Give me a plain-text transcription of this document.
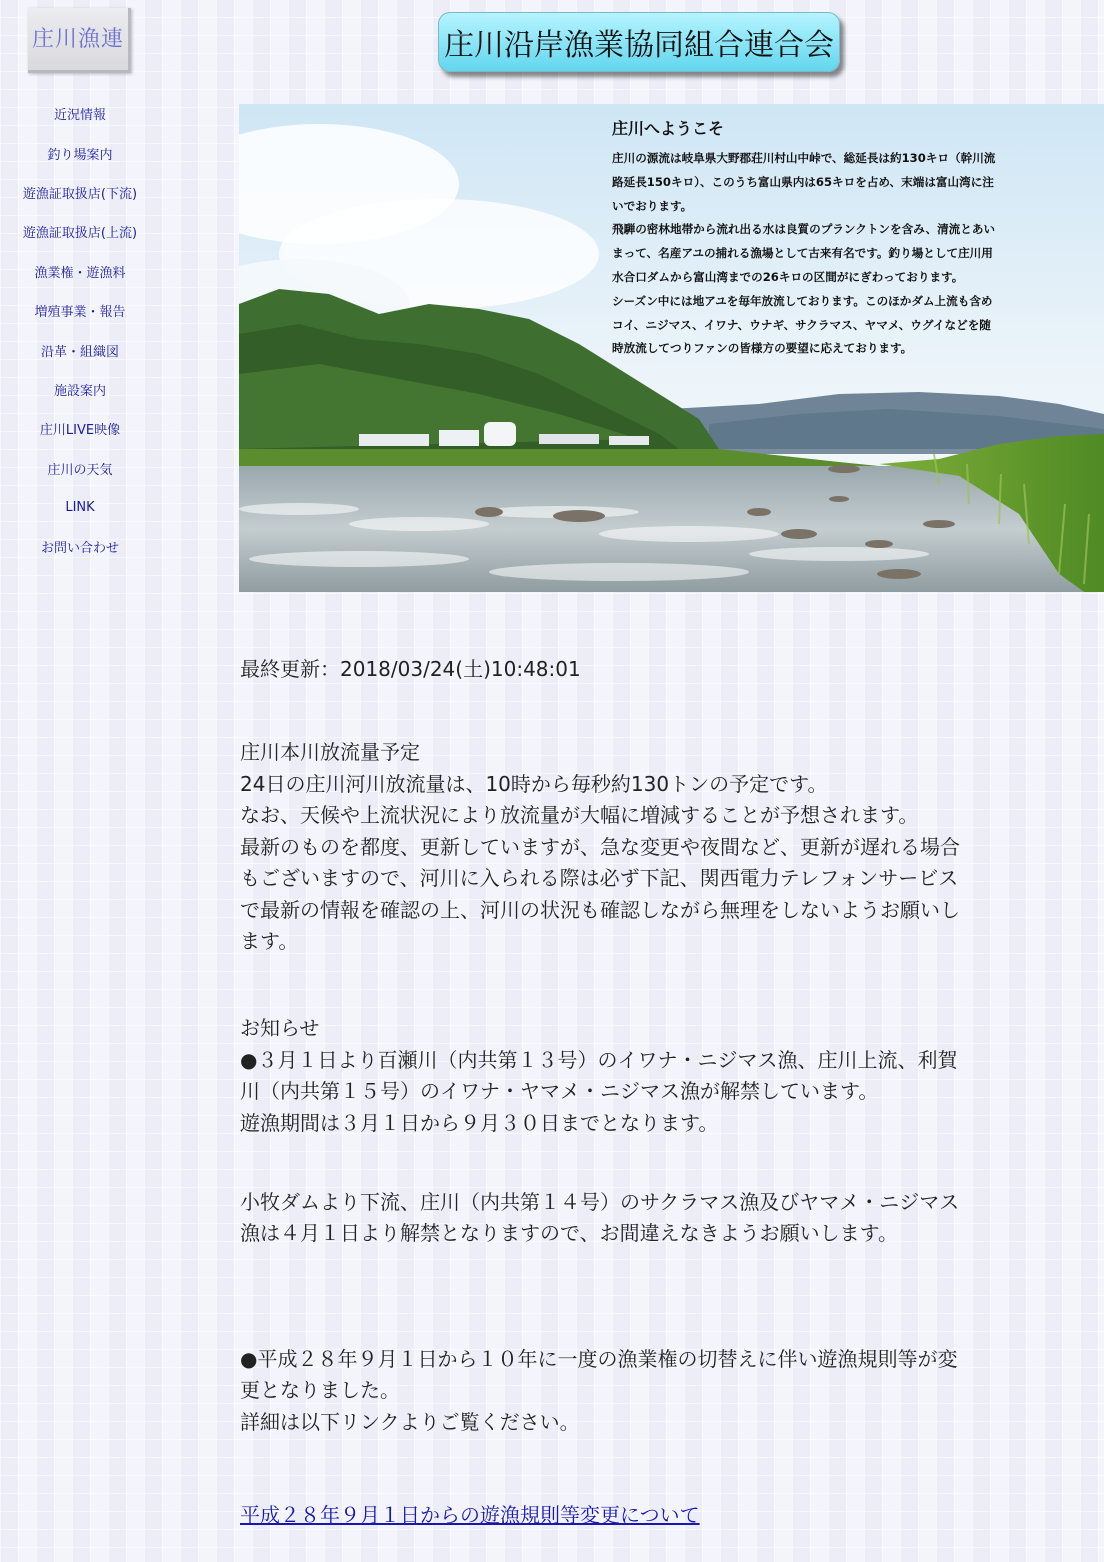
庄川漁連	庄川沿岸漁業協同組合連合会
近況情報
釣り場案内
遊漁証取扱店(下流)
遊漁証取扱店(上流)
漁業権・遊漁料
増殖事業・報告
沿革・組織図
施設案内
庄川LIVE映像
庄川の天気
LINK
お問い合わせ
庄川へようこそ

庄川の源流は岐阜県大野郡荘川村山中峠で、総延長は約130キロ（幹川流

路延長150キロ）、このうち富山県内は65キロを占め、末端は富山湾に注

いでおります。

飛騨の密林地帯から流れ出る水は良質のプランクトンを含み、清流とあい

まって、名産アユの捕れる漁場として古来有名です。釣り場として庄川用

水合口ダムから富山湾までの26キロの区間がにぎわっております。

シーズン中には地アユを毎年放流しております。このほかダム上流も含め

コイ、ニジマス、イワナ、ウナギ、サクラマス、ヤマメ、ウグイなどを随

時放流してつりファンの皆様方の要望に応えております。

最終更新：2018/03/24(土)10:48:01

庄川本川放流量予定

24日の庄川河川放流量は、10時から毎秒約130トンの予定です。

なお、天候や上流状況により放流量が大幅に増減することが予想されます。

最新のものを都度、更新していますが、急な変更や夜間など、更新が遅れる場合

もございますので、河川に入られる際は必ず下記、関西電力テレフォンサービス

で最新の情報を確認の上、河川の状況も確認しながら無理をしないようお願いし

ます。

お知らせ

●３月１日より百瀬川（内共第１３号）のイワナ・ニジマス漁、庄川上流、利賀

川（内共第１５号）のイワナ・ヤマメ・ニジマス漁が解禁しています。

遊漁期間は３月１日から９月３０日までとなります。

小牧ダムより下流、庄川（内共第１４号）のサクラマス漁及びヤマメ・ニジマス

漁は４月１日より解禁となりますので、お間違えなきようお願いします。

●平成２８年９月１日から１０年に一度の漁業権の切替えに伴い遊漁規則等が変

更となりました。

詳細は以下リンクよりご覧ください。

平成２８年９月１日からの遊漁規則等変更について
